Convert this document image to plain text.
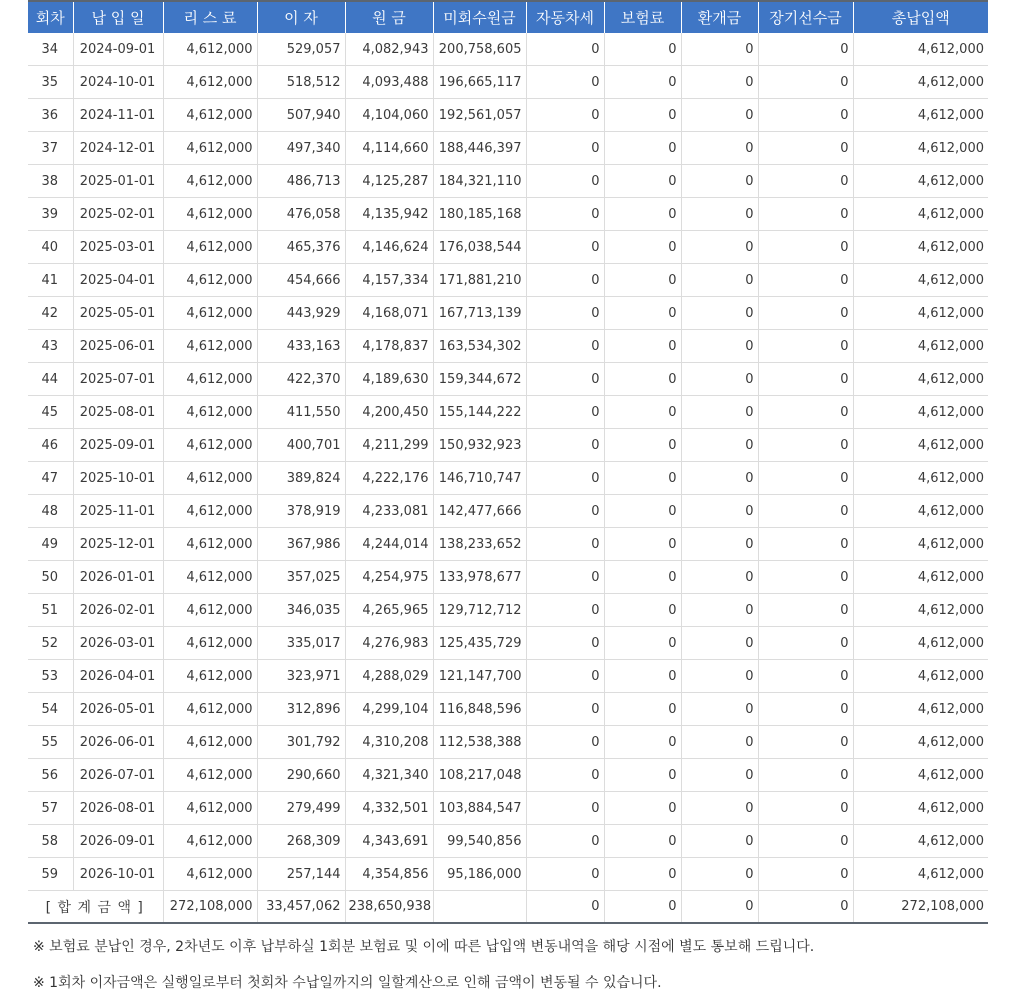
회차	납 입 일	리 스 료	이 자	원 금	미회수원금	자동차세	보험료	환개금	장기선수금	총납입액
34	2024-09-01	4,612,000	529,057	4,082,943	200,758,605	0	0	0	0	4,612,000
35	2024-10-01	4,612,000	518,512	4,093,488	196,665,117	0	0	0	0	4,612,000
36	2024-11-01	4,612,000	507,940	4,104,060	192,561,057	0	0	0	0	4,612,000
37	2024-12-01	4,612,000	497,340	4,114,660	188,446,397	0	0	0	0	4,612,000
38	2025-01-01	4,612,000	486,713	4,125,287	184,321,110	0	0	0	0	4,612,000
39	2025-02-01	4,612,000	476,058	4,135,942	180,185,168	0	0	0	0	4,612,000
40	2025-03-01	4,612,000	465,376	4,146,624	176,038,544	0	0	0	0	4,612,000
41	2025-04-01	4,612,000	454,666	4,157,334	171,881,210	0	0	0	0	4,612,000
42	2025-05-01	4,612,000	443,929	4,168,071	167,713,139	0	0	0	0	4,612,000
43	2025-06-01	4,612,000	433,163	4,178,837	163,534,302	0	0	0	0	4,612,000
44	2025-07-01	4,612,000	422,370	4,189,630	159,344,672	0	0	0	0	4,612,000
45	2025-08-01	4,612,000	411,550	4,200,450	155,144,222	0	0	0	0	4,612,000
46	2025-09-01	4,612,000	400,701	4,211,299	150,932,923	0	0	0	0	4,612,000
47	2025-10-01	4,612,000	389,824	4,222,176	146,710,747	0	0	0	0	4,612,000
48	2025-11-01	4,612,000	378,919	4,233,081	142,477,666	0	0	0	0	4,612,000
49	2025-12-01	4,612,000	367,986	4,244,014	138,233,652	0	0	0	0	4,612,000
50	2026-01-01	4,612,000	357,025	4,254,975	133,978,677	0	0	0	0	4,612,000
51	2026-02-01	4,612,000	346,035	4,265,965	129,712,712	0	0	0	0	4,612,000
52	2026-03-01	4,612,000	335,017	4,276,983	125,435,729	0	0	0	0	4,612,000
53	2026-04-01	4,612,000	323,971	4,288,029	121,147,700	0	0	0	0	4,612,000
54	2026-05-01	4,612,000	312,896	4,299,104	116,848,596	0	0	0	0	4,612,000
55	2026-06-01	4,612,000	301,792	4,310,208	112,538,388	0	0	0	0	4,612,000
56	2026-07-01	4,612,000	290,660	4,321,340	108,217,048	0	0	0	0	4,612,000
57	2026-08-01	4,612,000	279,499	4,332,501	103,884,547	0	0	0	0	4,612,000
58	2026-09-01	4,612,000	268,309	4,343,691	99,540,856	0	0	0	0	4,612,000
59	2026-10-01	4,612,000	257,144	4,354,856	95,186,000	0	0	0	0	4,612,000
[ 합 계 금 액 ]		272,108,000	33,457,062	238,650,938		0	0	0	0	272,108,000
※ 보험료 분납인 경우, 2차년도 이후 납부하실 1회분 보험료 및 이에 따른 납입액 변동내역을 해당 시점에 별도 통보해 드립니다.
※ 1회차 이자금액은 실행일로부터 첫회차 수납일까지의 일할계산으로 인해 금액이 변동될 수 있습니다.
